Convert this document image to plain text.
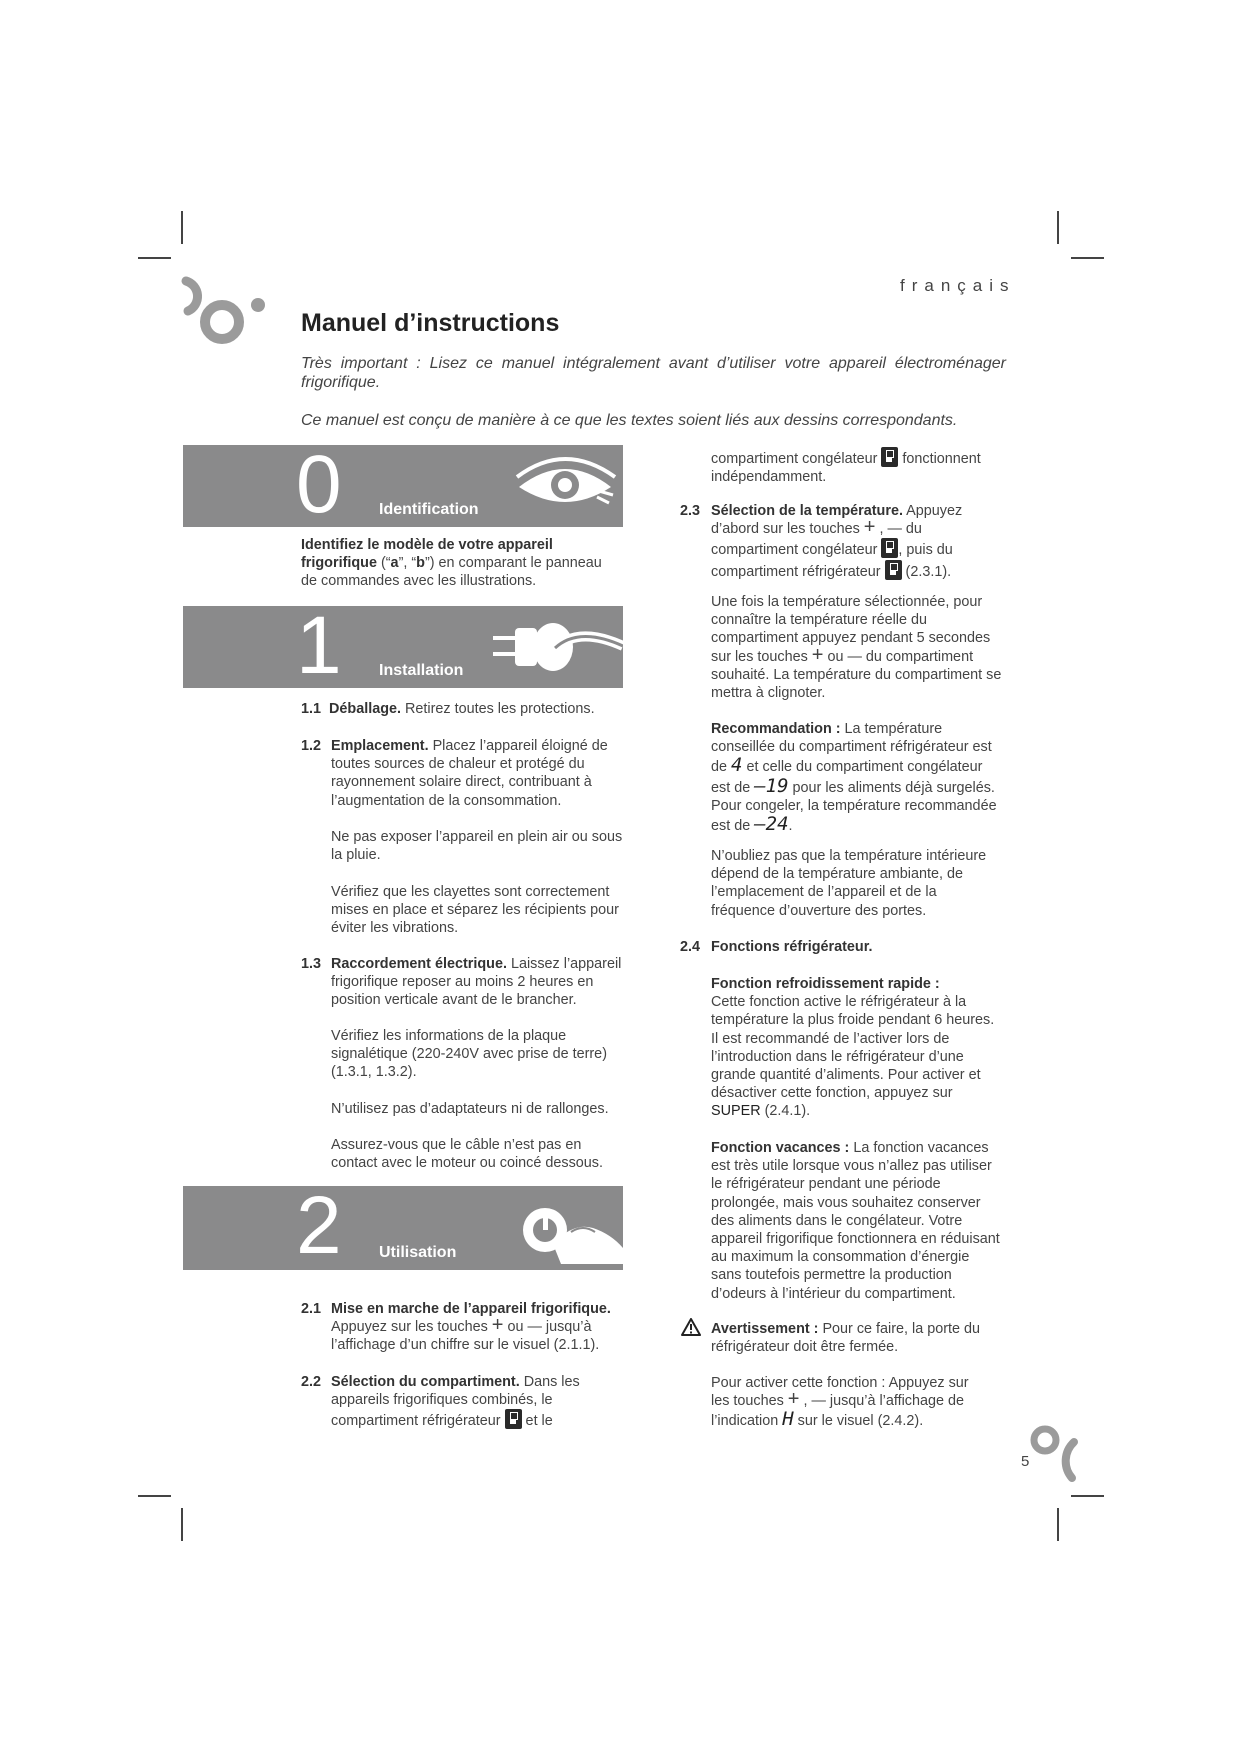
français
Manuel d’instructions
Très important : Lisez ce manuel intégralement avant d’utiliser votre appareil électroménager frigorifique.
Ce manuel est conçu de manière à ce que les textes soient liés aux dessins correspondants.
0 Identification
Identifiez le modèle de votre appareil frigorifique (“a”, “b”) en comparant le panneau de commandes avec les illustrations.
1 Installation
1.1 Déballage. Retirez toutes les protections.
1.2 Emplacement. Placez l’appareil éloigné de toutes sources de chaleur et protégé du rayonnement solaire direct, contribuant à l’augmentation de la consommation.
Ne pas exposer l’appareil en plein air ou sous la pluie.
Vérifiez que les clayettes sont correctement mises en place et séparez les récipients pour éviter les vibrations.
1.3 Raccordement électrique. Laissez l’appareil frigorifique reposer au moins 2 heures en position verticale avant de le brancher.
Vérifiez les informations de la plaque signalétique (220-240V avec prise de terre) (1.3.1, 1.3.2).
N’utilisez pas d’adaptateurs ni de rallonges.
Assurez-vous que le câble n’est pas en contact avec le moteur ou coincé dessous.
2 Utilisation
2.1 Mise en marche de l’appareil frigorifique.
Appuyez sur les touches + ou — jusqu’à l’affichage d’un chiffre sur le visuel (2.1.1).
2.2 Sélection du compartiment. Dans les appareils frigorifiques combinés, le compartiment réfrigérateur  et le
compartiment congélateur  fonctionnent indépendamment.
2.3 Sélection de la température. Appuyez d’abord sur les touches + , — du compartiment congélateur , puis du compartiment réfrigérateur  (2.3.1).
Une fois la température sélectionnée, pour connaître la température réelle du compartiment appuyez pendant 5 secondes sur les touches + ou — du compartiment souhaité. La température du compartiment se mettra à clignoter.
Recommandation : La température conseillée du compartiment réfrigérateur est de 4 et celle du compartiment congélateur est de –19 pour les aliments déjà surgelés. Pour congeler, la température recommandée est de –24.
N’oubliez pas que la température intérieure dépend de la température ambiante, de l’emplacement de l’appareil et de la fréquence d’ouverture des portes.
2.4 Fonctions réfrigérateur.
Fonction refroidissement rapide :
Cette fonction active le réfrigérateur à la température la plus froide pendant 6 heures. Il est recommandé de l’activer lors de l’introduction dans le réfrigérateur d’une grande quantité d’aliments. Pour activer et désactiver cette fonction, appuyez sur SUPER (2.4.1).
Fonction vacances : La fonction vacances est très utile lorsque vous n’allez pas utiliser le réfrigérateur pendant une période prolongée, mais vous souhaitez conserver des aliments dans le congélateur. Votre appareil frigorifique fonctionnera en réduisant au maximum la consommation d’énergie sans toutefois permettre la production d’odeurs à l’intérieur du compartiment.
Avertissement : Pour ce faire, la porte du réfrigérateur doit être fermée.
Pour activer cette fonction : Appuyez sur les touches + , — jusqu’à l’affichage de l’indication H sur le visuel (2.4.2).
5
